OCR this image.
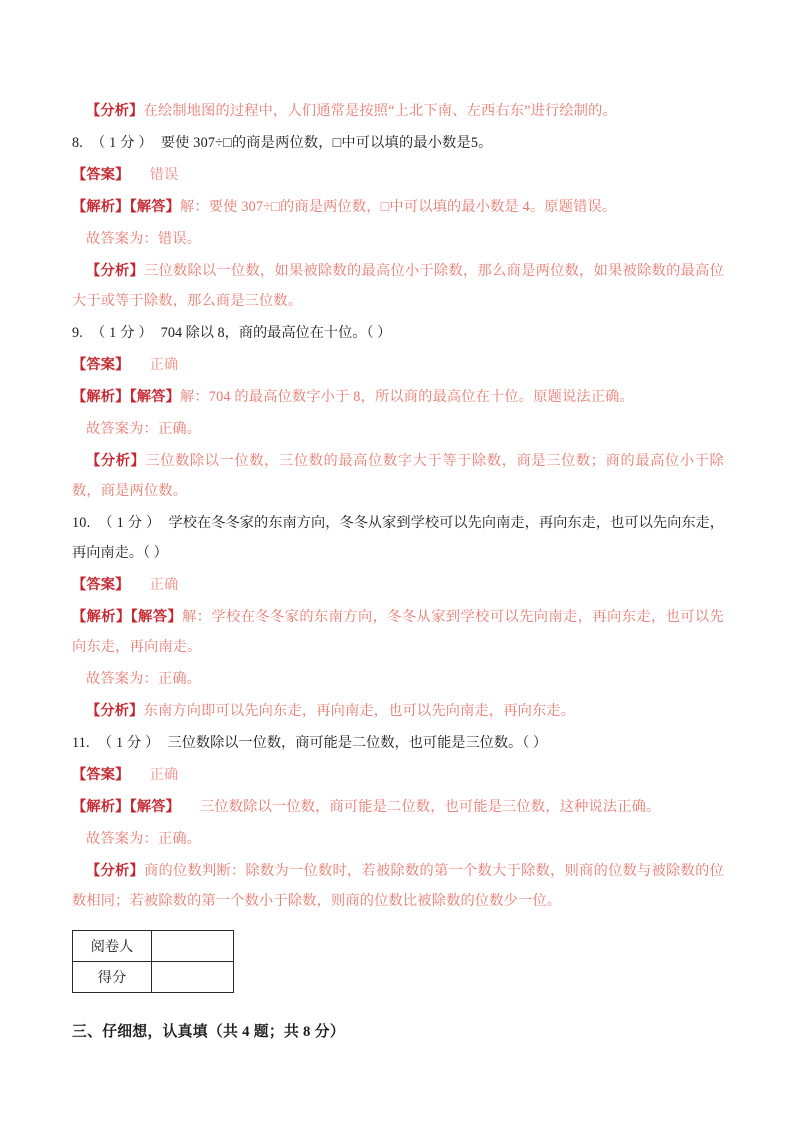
【分析】在绘制地图的过程中，人们通常是按照“上北下南、左西右东”进行绘制的。
8. （ 1 分 ） 要使 307÷□的商是两位数，□中可以填的最小数是5。
【答案】 错误
【解析】【解答】解：要使 307÷□的商是两位数，□中可以填的最小数是 4。原题错误。
故答案为：错误。
【分析】三位数除以一位数，如果被除数的最高位小于除数，那么商是两位数，如果被除数的最高位大于或等于除数，那么商是三位数。
9. （ 1 分 ） 704 除以 8，商的最高位在十位。（ ）
【答案】 正确
【解析】【解答】解：704 的最高位数字小于 8，所以商的最高位在十位。原题说法正确。
故答案为：正确。
【分析】三位数除以一位数，三位数的最高位数字大于等于除数，商是三位数；商的最高位小于除数，商是两位数。
10. （ 1 分 ） 学校在冬冬家的东南方向，冬冬从家到学校可以先向南走，再向东走，也可以先向东走，再向南走。（ ）
【答案】 正确
【解析】【解答】解：学校在冬冬家的东南方向，冬冬从家到学校可以先向南走，再向东走，也可以先向东走，再向南走。
故答案为：正确。
【分析】东南方向即可以先向东走，再向南走，也可以先向南走，再向东走。
11. （ 1 分 ） 三位数除以一位数，商可能是二位数，也可能是三位数。（ ）
【答案】 正确
【解析】【解答】 三位数除以一位数，商可能是二位数，也可能是三位数，这种说法正确。
故答案为：正确。
【分析】商的位数判断：除数为一位数时，若被除数的第一个数大于除数，则商的位数与被除数的位数相同；若被除数的第一个数小于除数，则商的位数比被除数的位数少一位。
阅卷人	
得分	
三、仔细想，认真填（共 4 题；共 8 分）
